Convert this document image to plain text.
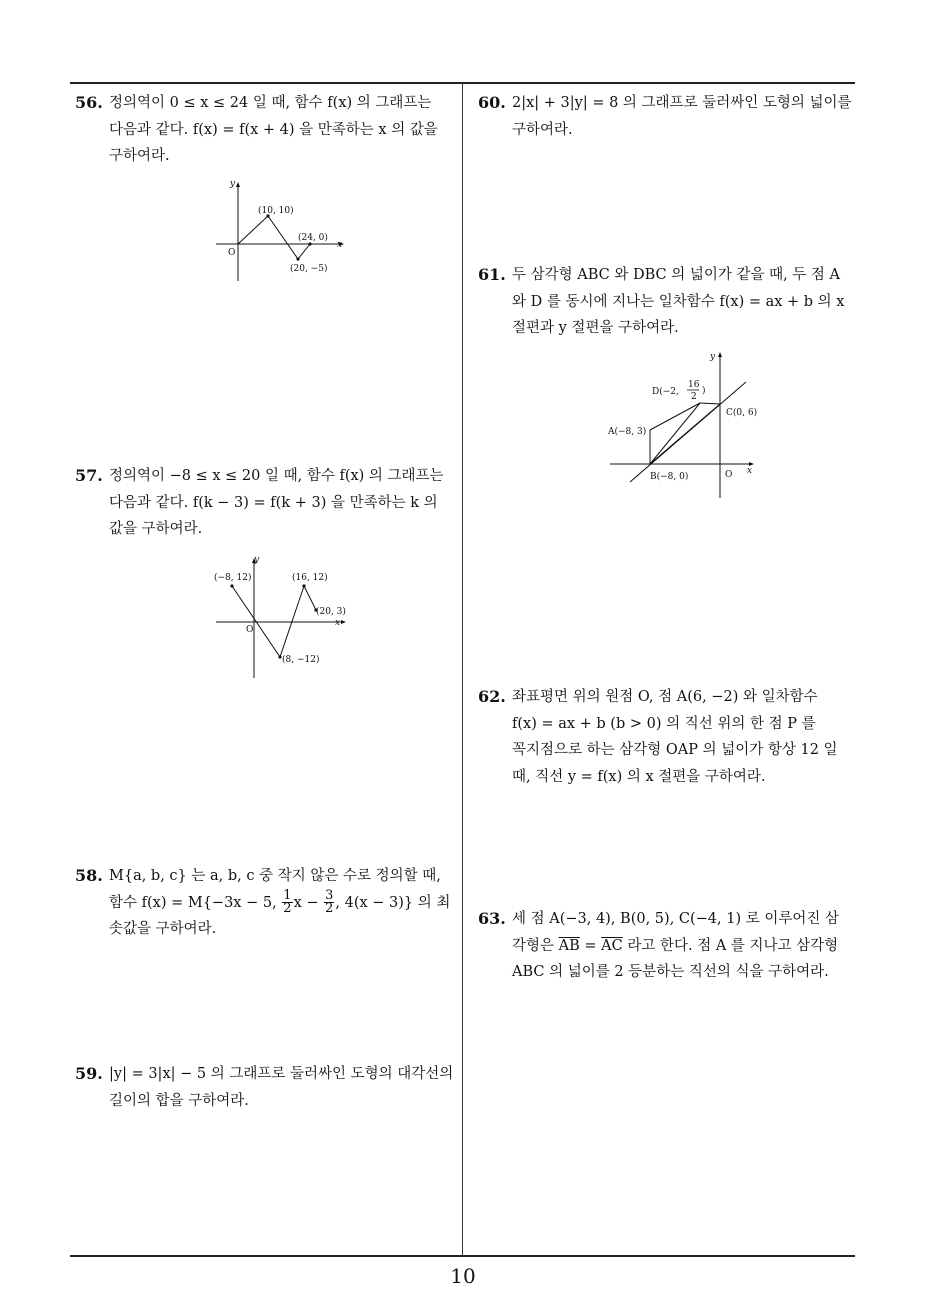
56. 정의역이 0 ≤ x ≤ 24 일 때, 함수 f(x) 의 그래프는
다음과 같다. f(x) = f(x + 4) 을 만족하는 x 의 값을
구하여라.
x
y
O
(10, 10)
(24, 0)
(20, −5)
57. 정의역이 −8 ≤ x ≤ 20 일 때, 함수 f(x) 의 그래프는
다음과 같다. f(k − 3) = f(k + 3) 을 만족하는 k 의
값을 구하여라.
x
y
O
(−8, 12)	(16, 12)
(20, 3)
(8, −12)
58. M{a, b, c} 는 a, b, c 중 작지 않은 수로 정의할 때,
함수 f(x) = M{−3x − 5, $\frac{1}{2}$ $x - \frac{3}{2}$ , 4(x − 3)} 의 최
솟값을 구하여라.
59. |y| = 3|x| − 5 의 그래프로 둘러싸인 도형의 대각선의
길이의 합을 구하여라.
60. 2|x| + 3|y| = 8 의 그래프로 둘러싸인 도형의 넓이를
구하여라.
61. 두 삼각형 ABC 와 DBC 의 넓이가 같을 때, 두 점 A
와 D 를 동시에 지나는 일차함수 f(x) = ax + b 의 x
절편과 y 절편을 구하여라.
x
y
O
D(−2,
16
2
)
C(0, 6)
A(−8, 3)
B(−8, 0)
62. 좌표평면 위의 원점 O, 점 A(6, −2) 와 일차함수
f(x) = ax + b (b > 0) 의 직선 위의 한 점 P 를
꼭지점으로 하는 삼각형 OAP 의 넓이가 항상 12 일
때, 직선 y = f(x) 의 x 절편을 구하여라.
63. 세 점 A(−3, 4), B(0, 5), C(−4, 1) 로 이루어진 삼
각형은 $\overline{AB} = \overline{AC}$ 라고 한다. 점 A 를 지나고 삼각형
ABC 의 넓이를 2 등분하는 직선의 식을 구하여라.
10
